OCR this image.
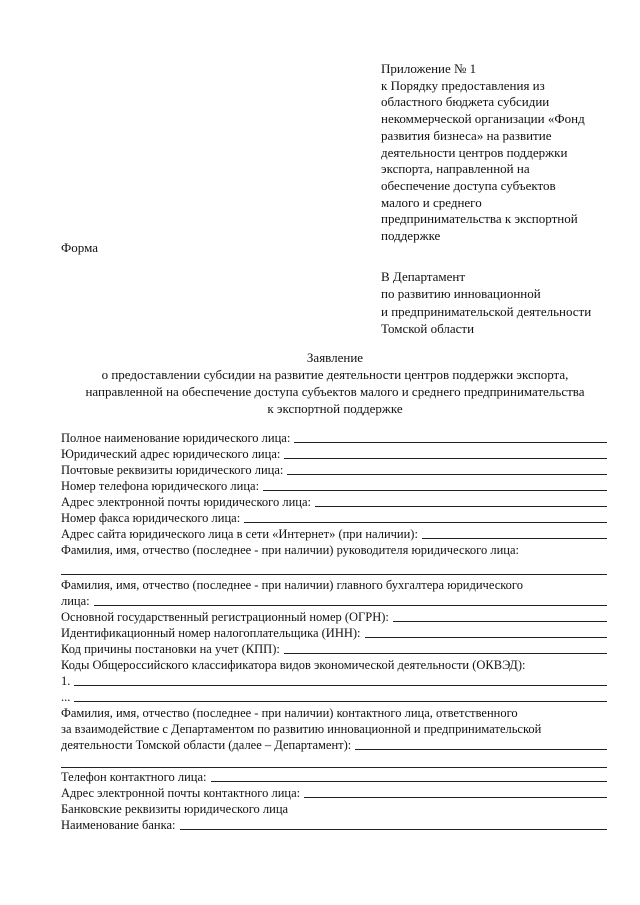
Приложение № 1
к Порядку предоставления из
областного бюджета субсидии
некоммерческой организации «Фонд
развития бизнеса» на развитие
деятельности центров поддержки
экспорта, направленной на
обеспечение доступа субъектов
малого и среднего
предпринимательства к экспортной
поддержке
Форма
В Департамент
по развитию инновационной
и предпринимательской деятельности
Томской области
Заявление
о предоставлении субсидии на развитие деятельности центров поддержки экспорта,
направленной на обеспечение доступа субъектов малого и среднего предпринимательства
к экспортной поддержке
Полное наименование юридического лица:
Юридический адрес юридического лица:
Почтовые реквизиты юридического лица:
Номер телефона юридического лица:
Адрес электронной почты юридического лица:
Номер факса юридического лица:
Адрес сайта юридического лица в сети «Интернет» (при наличии):
Фамилия, имя, отчество (последнее - при наличии) руководителя юридического лица:
Фамилия, имя, отчество (последнее - при наличии) главного бухгалтера юридического
лица:
Основной государственный регистрационный номер (ОГРН):
Идентификационный номер налогоплательщика (ИНН):
Код причины постановки на учет (КПП):
Коды Общероссийского классификатора видов экономической деятельности (ОКВЭД):
1.
...
Фамилия, имя, отчество (последнее - при наличии) контактного лица, ответственного
за взаимодействие с Департаментом по развитию инновационной и предпринимательской
деятельности Томской области (далее – Департамент):
Телефон контактного лица:
Адрес электронной почты контактного лица:
Банковские реквизиты юридического лица
Наименование банка:
